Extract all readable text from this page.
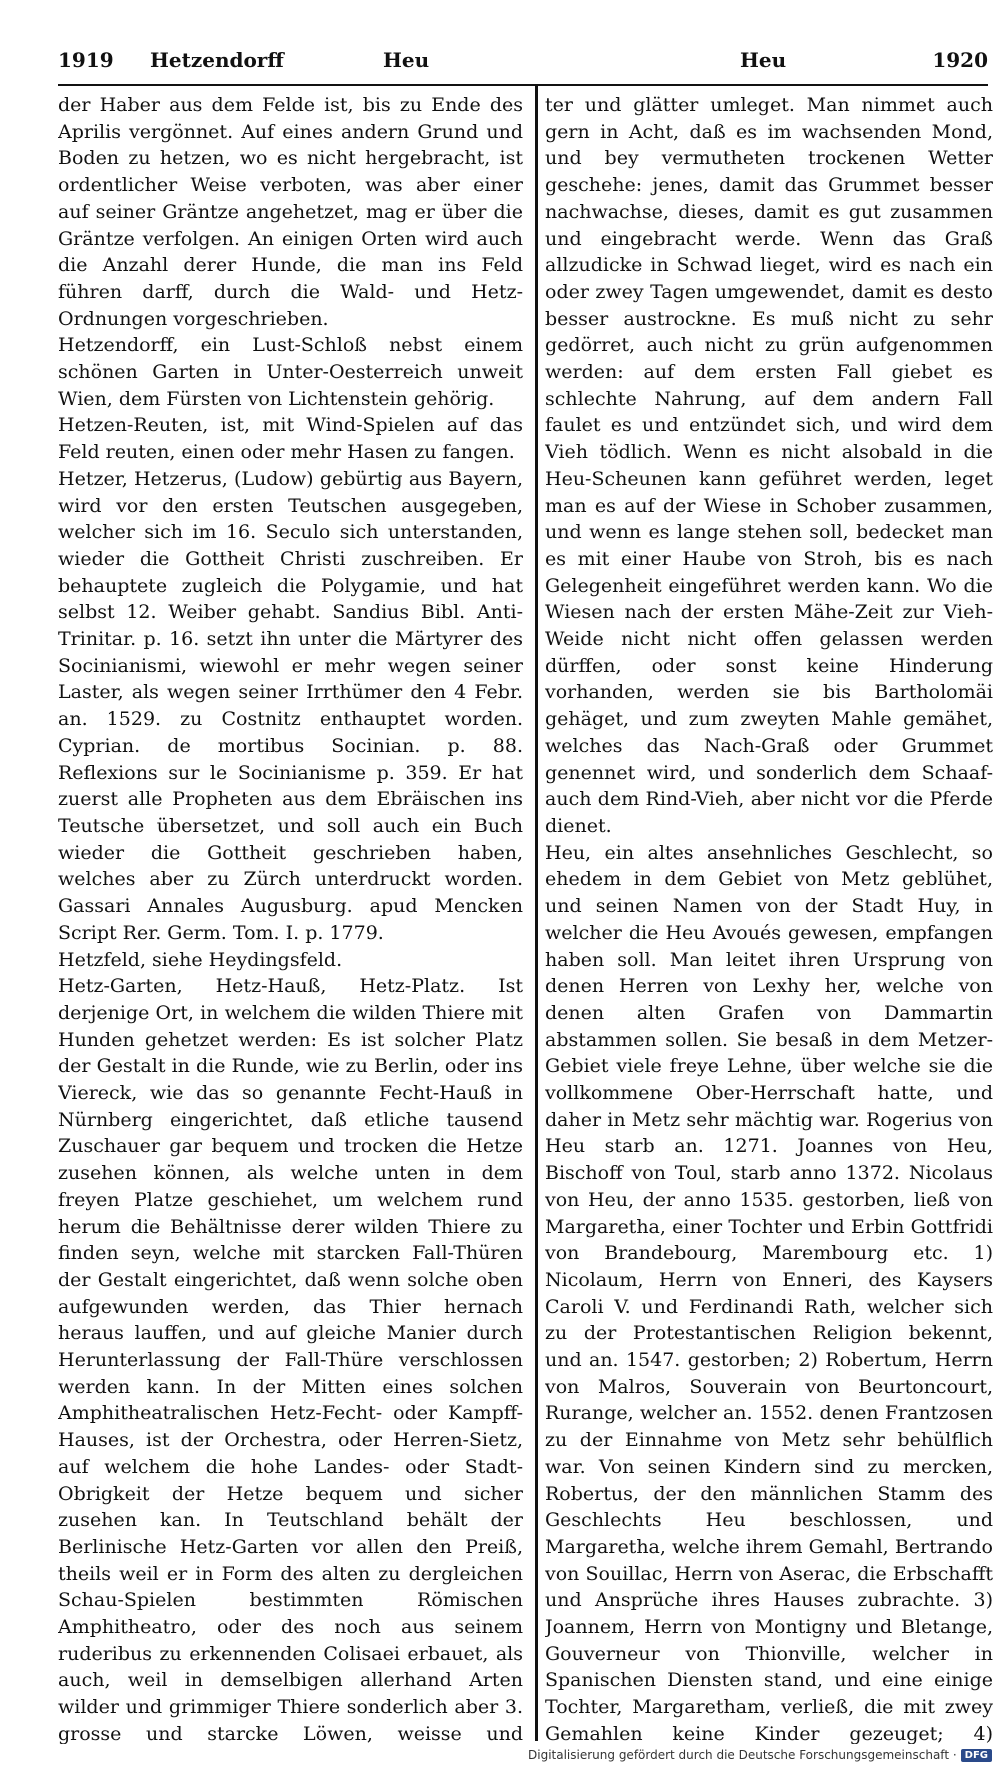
1919 Hetzendorff	Heu	Heu	1920

der Haber aus dem Felde ist, bis zu Ende des Aprilis vergönnet. Auf eines andern Grund und Boden zu hetzen, wo es nicht hergebracht, ist ordentlicher Weise verboten, was aber einer auf seiner Gräntze angehetzet, mag er über die Gräntze verfolgen. An einigen Orten wird auch die Anzahl derer Hunde, die man ins Feld führen darff, durch die Wald- und Hetz-Ordnungen vorgeschrieben.

Hetzendorff, ein Lust-Schloß nebst einem schönen Garten in Unter-Oesterreich unweit Wien, dem Fürsten von Lichtenstein gehörig.

Hetzen-Reuten, ist, mit Wind-Spielen auf das Feld reuten, einen oder mehr Hasen zu fangen.

Hetzer, Hetzerus, (Ludow) gebürtig aus Bayern, wird vor den ersten Teutschen ausgegeben, welcher sich im 16. Seculo sich unterstanden, wieder die Gottheit Christi zuschreiben. Er behauptete zugleich die Polygamie, und hat selbst 12. Weiber gehabt. Sandius Bibl. Anti-Trinitar. p. 16. setzt ihn unter die Märtyrer des Socinianismi, wiewohl er mehr wegen seiner Laster, als wegen seiner Irrthümer den 4 Febr. an. 1529. zu Costnitz enthauptet worden. Cyprian. de mortibus Socinian. p. 88. Reflexions sur le Socinianisme p. 359. Er hat zuerst alle Propheten aus dem Ebräischen ins Teutsche übersetzet, und soll auch ein Buch wieder die Gottheit geschrieben haben, welches aber zu Zürch unterdruckt worden. Gassari Annales Augusburg. apud Mencken Script Rer. Germ. Tom. I. p. 1779.

Hetzfeld, siehe Heydingsfeld.

Hetz-Garten, Hetz-Hauß, Hetz-Platz. Ist derjenige Ort, in welchem die wilden Thiere mit Hunden gehetzet werden: Es ist solcher Platz der Gestalt in die Runde, wie zu Berlin, oder ins Viereck, wie das so genannte Fecht-Hauß in Nürnberg eingerichtet, daß etliche tausend Zuschauer gar bequem und trocken die Hetze zusehen können, als welche unten in dem freyen Platze geschiehet, um welchem rund herum die Behältnisse derer wilden Thiere zu finden seyn, welche mit starcken Fall-Thüren der Gestalt eingerichtet, daß wenn solche oben aufgewunden werden, das Thier hernach heraus lauffen, und auf gleiche Manier durch Herunterlassung der Fall-Thüre verschlossen werden kann. In der Mitten eines solchen Amphitheatralischen Hetz-Fecht- oder Kampff-Hauses, ist der Orchestra, oder Herren-Sietz, auf welchem die hohe Landes- oder Stadt-Obrigkeit der Hetze bequem und sicher zusehen kan. In Teutschland behält der Berlinische Hetz-Garten vor allen den Preiß, theils weil er in Form des alten zu dergleichen Schau-Spielen bestimmten Römischen Amphitheatro, oder des noch aus seinem ruderibus zu erkennenden Colisaei erbauet, als auch, weil in demselbigen allerhand Arten wilder und grimmiger Thiere sonderlich aber 3. grosse und starcke Löwen, weisse und

ter und glätter umleget. Man nimmet auch gern in Acht, daß es im wachsenden Mond, und bey vermutheten trockenen Wetter geschehe: jenes, damit das Grummet besser nachwachse, dieses, damit es gut zusammen und eingebracht werde. Wenn das Graß allzudicke in Schwad lieget, wird es nach ein oder zwey Tagen umgewendet, damit es desto besser austrockne. Es muß nicht zu sehr gedörret, auch nicht zu grün aufgenommen werden: auf dem ersten Fall giebet es schlechte Nahrung, auf dem andern Fall faulet es und entzündet sich, und wird dem Vieh tödlich. Wenn es nicht alsobald in die Heu-Scheunen kann geführet werden, leget man es auf der Wiese in Schober zusammen, und wenn es lange stehen soll, bedecket man es mit einer Haube von Stroh, bis es nach Gelegenheit eingeführet werden kann. Wo die Wiesen nach der ersten Mähe-Zeit zur Vieh-Weide nicht nicht offen gelassen werden dürffen, oder sonst keine Hinderung vorhanden, werden sie bis Bartholomäi gehäget, und zum zweyten Mahle gemähet, welches das Nach-Graß oder Grummet genennet wird, und sonderlich dem Schaaf- auch dem Rind-Vieh, aber nicht vor die Pferde dienet.

Heu, ein altes ansehnliches Geschlecht, so ehedem in dem Gebiet von Metz geblühet, und seinen Namen von der Stadt Huy, in welcher die Heu Avoués gewesen, empfangen haben soll. Man leitet ihren Ursprung von denen Herren von Lexhy her, welche von denen alten Grafen von Dammartin abstammen sollen. Sie besaß in dem Metzer-Gebiet viele freye Lehne, über welche sie die vollkommene Ober-Herrschaft hatte, und daher in Metz sehr mächtig war. Rogerius von Heu starb an. 1271. Joannes von Heu, Bischoff von Toul, starb anno 1372. Nicolaus von Heu, der anno 1535. gestorben, ließ von Margaretha, einer Tochter und Erbin Gottfridi von Brandebourg, Marembourg etc. 1) Nicolaum, Herrn von Enneri, des Kaysers Caroli V. und Ferdinandi Rath, welcher sich zu der Protestantischen Religion bekennt, und an. 1547. gestorben; 2) Robertum, Herrn von Malros, Souverain von Beurtoncourt, Rurange, welcher an. 1552. denen Frantzosen zu der Einnahme von Metz sehr behülflich war. Von seinen Kindern sind zu mercken, Robertus, der den männlichen Stamm des Geschlechts Heu beschlossen, und Margaretha, welche ihrem Gemahl, Bertrando von Souillac, Herrn von Aserac, die Erbschafft und Ansprüche ihres Hauses zubrachte. 3) Joannem, Herrn von Montigny und Bletange, Gouverneur von Thionville, welcher in Spanischen Diensten stand, und eine einige Tochter, Margaretham, verließ, die mit zwey Gemahlen keine Kinder gezeuget; 4)

Digitalisierung gefördert durch die Deutsche Forschungsgemeinschaft · DFG
